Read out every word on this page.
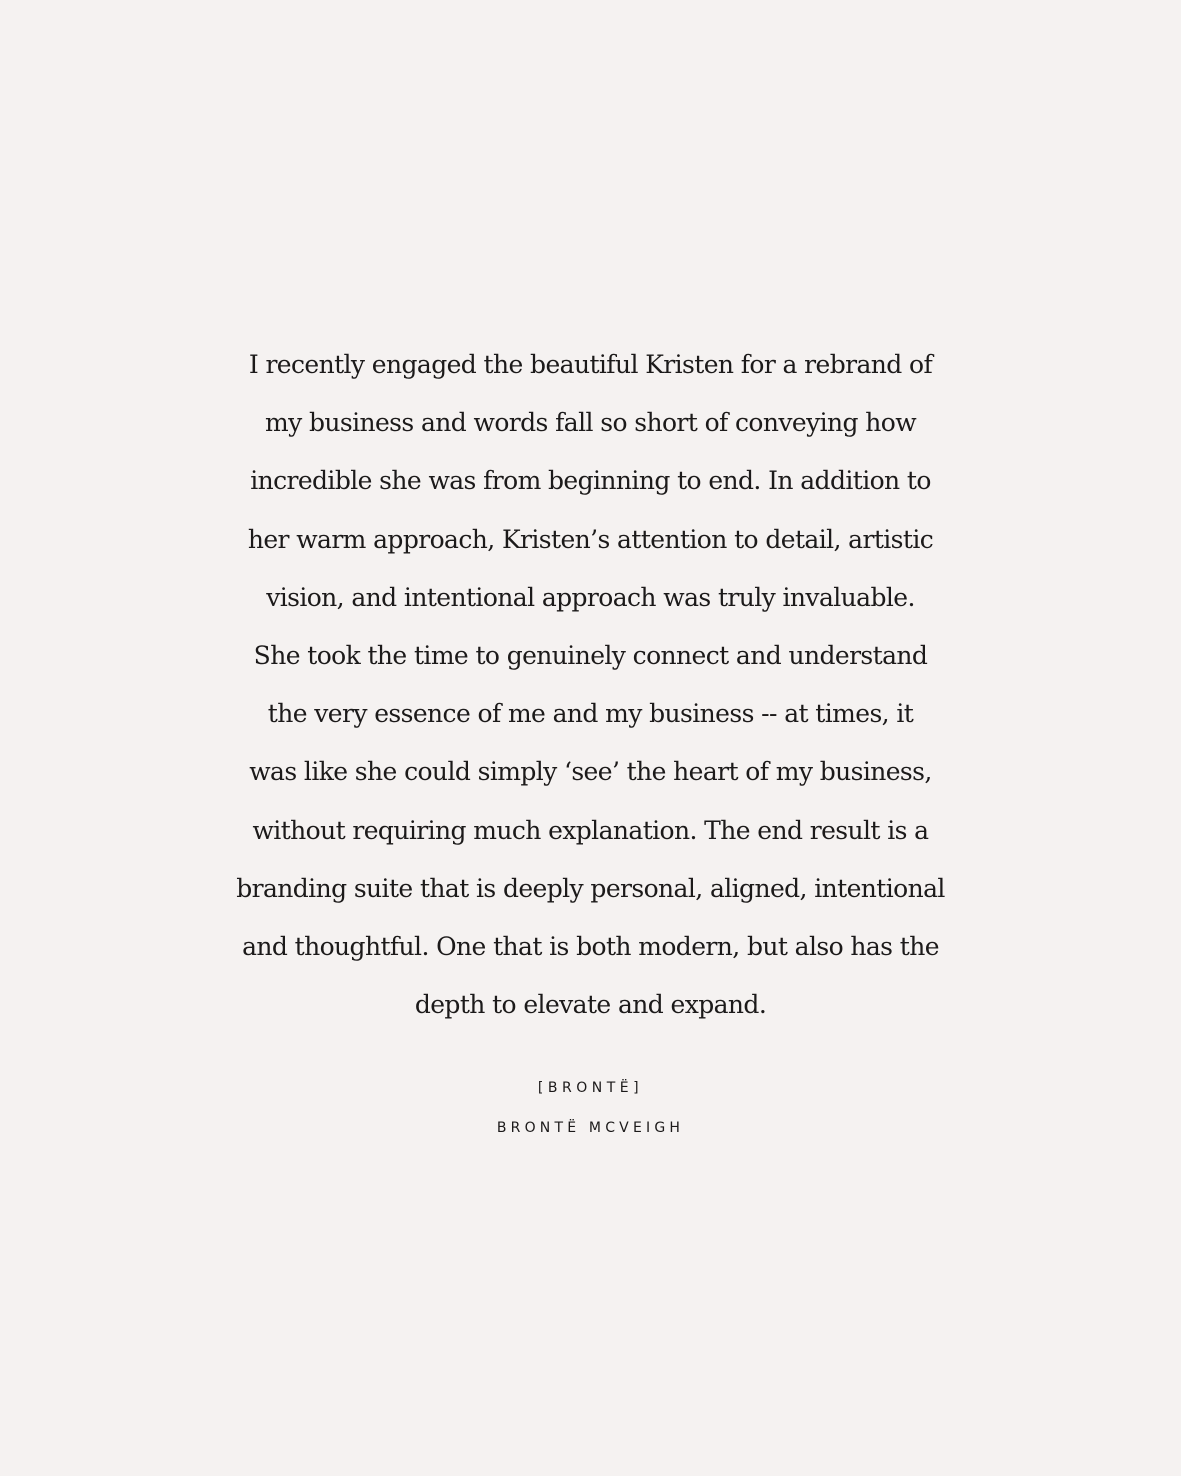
I recently engaged the beautiful Kristen for a rebrand of
my business and words fall so short of conveying how
incredible she was from beginning to end. In addition to
her warm approach, Kristen’s attention to detail, artistic
vision, and intentional approach was truly invaluable.
She took the time to genuinely connect and understand
the very essence of me and my business -- at times, it
was like she could simply ‘see’ the heart of my business,
without requiring much explanation. The end result is a
branding suite that is deeply personal, aligned, intentional
and thoughtful. One that is both modern, but also has the
depth to elevate and expand.
[BRONTË]
BRONTË MCVEIGH
